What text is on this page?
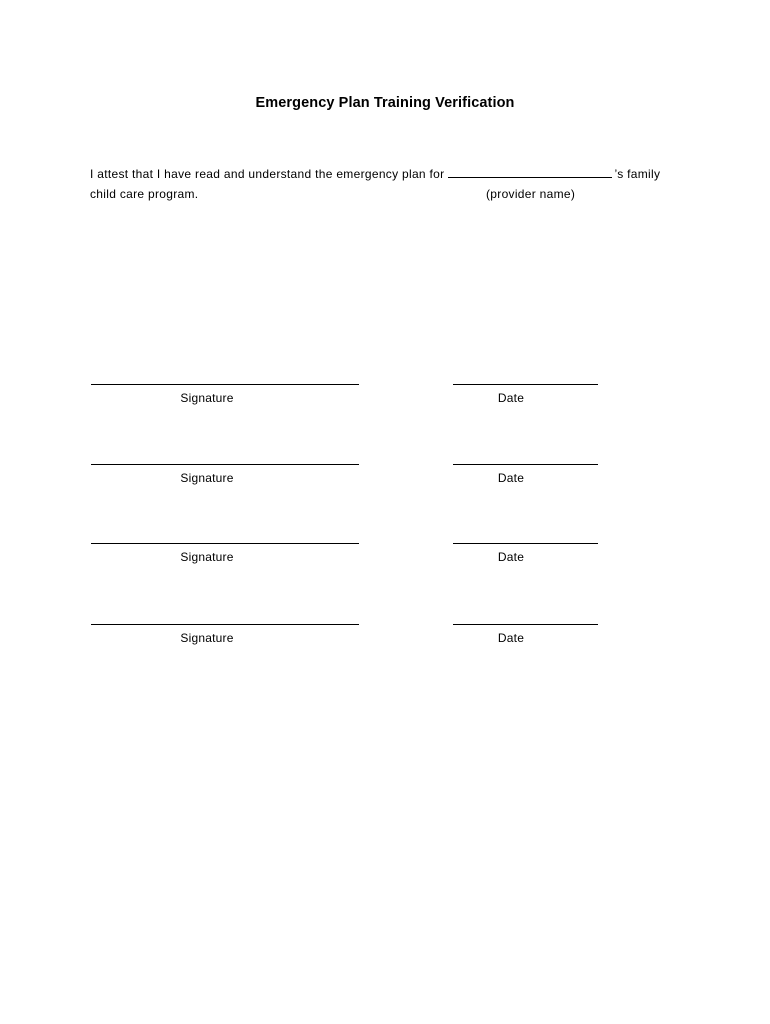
Emergency Plan Training Verification
I attest that I have read and understand the emergency plan for	’s family
child care program.	(provider name)
Signature	Date
Signature	Date
Signature	Date
Signature	Date
